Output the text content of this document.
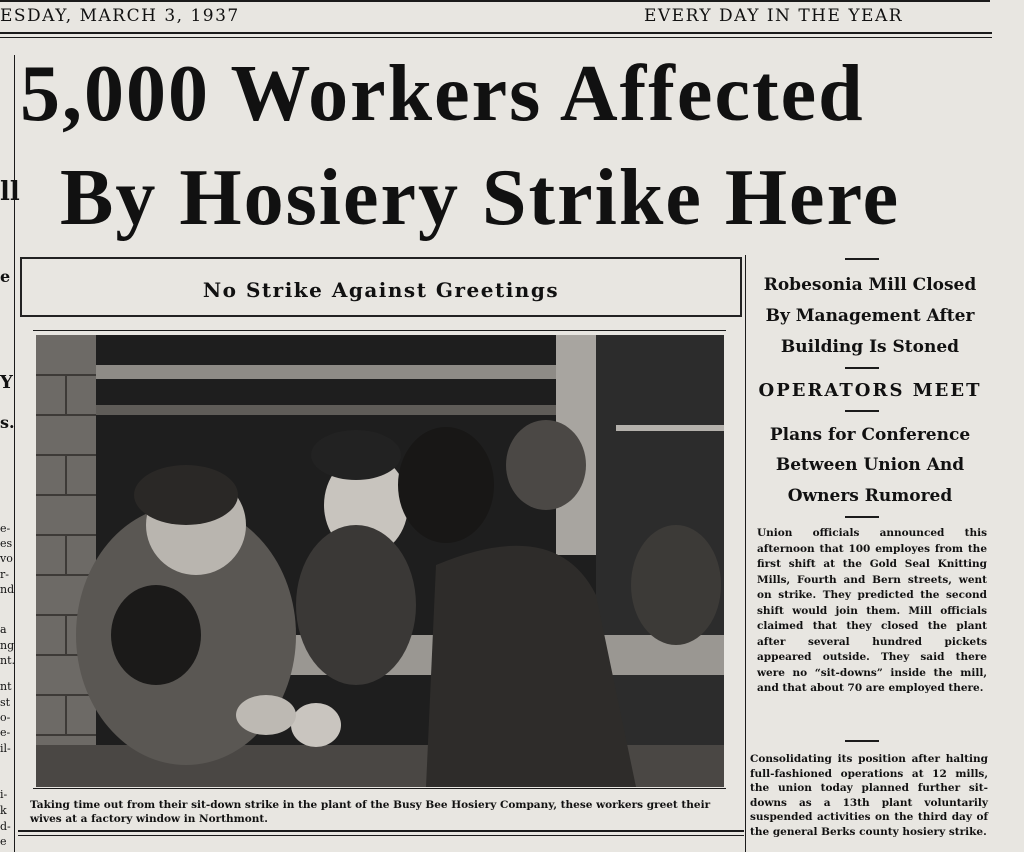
ESDAY, MARCH 3, 1937	EVERY DAY IN THE YEAR
ll
e
Y
s.
e-
es
vo
r-
nd
a
ng
nt.
nt
st
o-
e-
il-
i-
k
d-
e
5,000 Workers Affected
By Hosiery Strike Here
No Strike Against Greetings
Taking time out from their sit-down strike in the plant of the Busy Bee Hosiery Company, these workers greet their wives at a factory window in Northmont.
Robesonia Mill Closed
By Management After
Building Is Stoned
OPERATORS MEET
Plans for Conference
Between Union And
Owners Rumored
Union officials announced this afternoon that 100 employes from the first shift at the Gold Seal Knitting Mills, Fourth and Bern streets, went on strike. They predicted the second shift would join them. Mill officials claimed that they closed the plant after several hundred pickets appeared outside. They said there were no “sit-downs” inside the mill, and that about 70 are employed there.
Consolidating its position after halting full-fashioned operations at 12 mills, the union today planned further sit-downs as a 13th plant voluntarily suspended activities on the third day of the general Berks county hosiery strike.
